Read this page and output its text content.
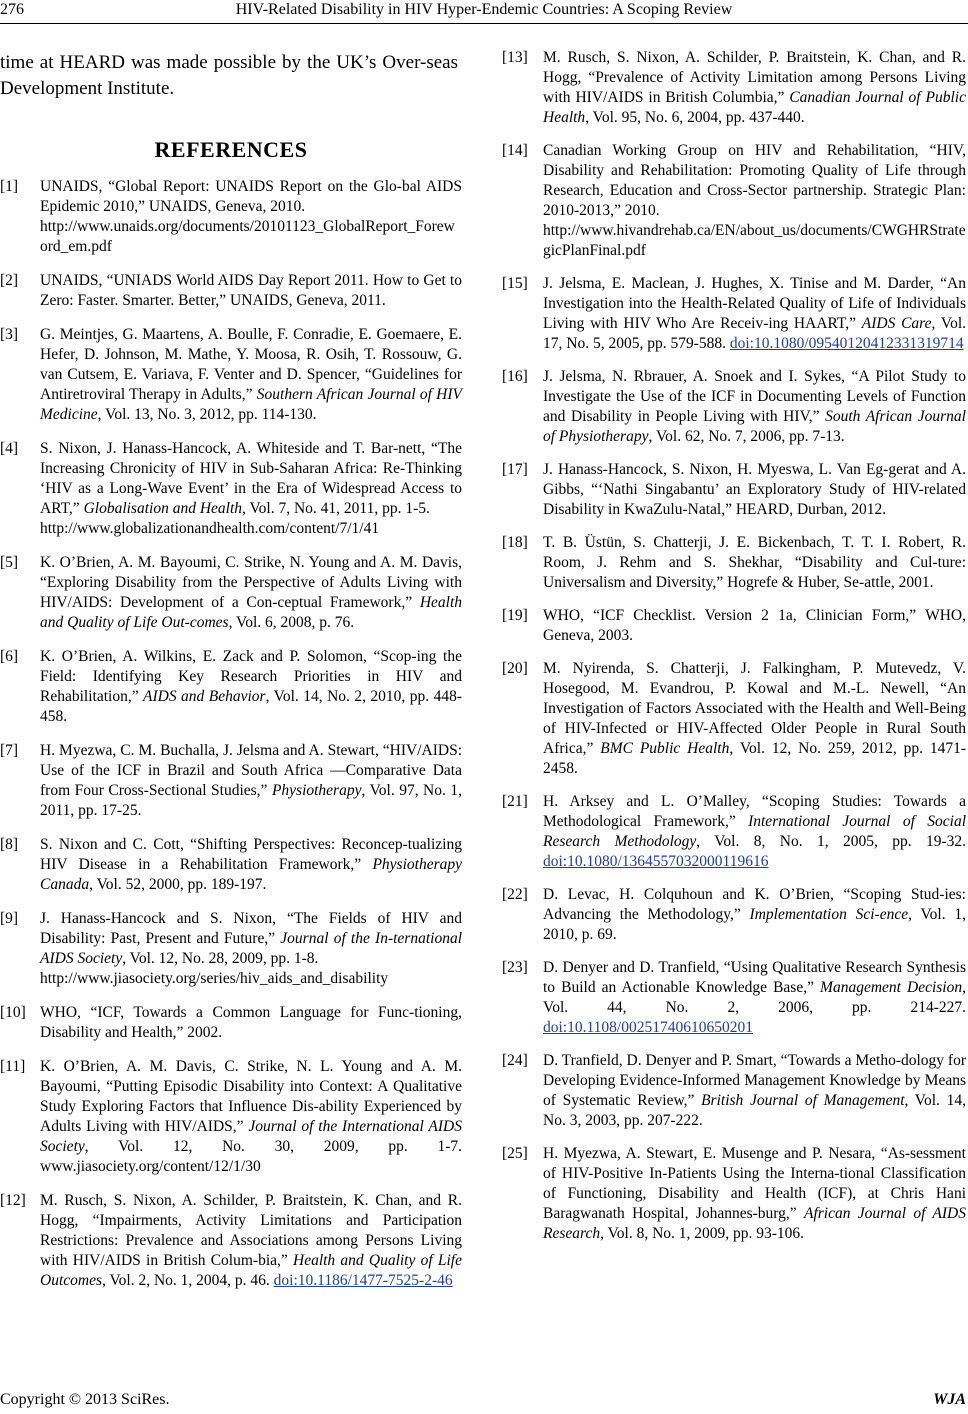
276	HIV-Related Disability in HIV Hyper-Endemic Countries: A Scoping Review

time at HEARD was made possible by the UK’s Over-seas Development Institute.

REFERENCES
[1] UNAIDS, “Global Report: UNAIDS Report on the Glo-bal AIDS Epidemic 2010,” UNAIDS, Geneva, 2010.
http://www.unaids.org/documents/20101123_GlobalReport_Foreword_em.pdf
[2] UNAIDS, “UNIADS World AIDS Day Report 2011. How to Get to Zero: Faster. Smarter. Better,” UNAIDS, Geneva, 2011.
[3] G. Meintjes, G. Maartens, A. Boulle, F. Conradie, E. Goemaere, E. Hefer, D. Johnson, M. Mathe, Y. Moosa, R. Osih, T. Rossouw, G. van Cutsem, E. Variava, F. Venter and D. Spencer, “Guidelines for Antiretroviral Therapy in Adults,” Southern African Journal of HIV Medicine, Vol. 13, No. 3, 2012, pp. 114-130.
[4] S. Nixon, J. Hanass-Hancock, A. Whiteside and T. Bar-nett, “The Increasing Chronicity of HIV in Sub-Saharan Africa: Re-Thinking ‘HIV as a Long-Wave Event’ in the Era of Widespread Access to ART,” Globalisation and Health, Vol. 7, No. 41, 2011, pp. 1-5.
http://www.globalizationandhealth.com/content/7/1/41
[5] K. O’Brien, A. M. Bayoumi, C. Strike, N. Young and A. M. Davis, “Exploring Disability from the Perspective of Adults Living with HIV/AIDS: Development of a Con-ceptual Framework,” Health and Quality of Life Out-comes, Vol. 6, 2008, p. 76.
[6] K. O’Brien, A. Wilkins, E. Zack and P. Solomon, “Scop-ing the Field: Identifying Key Research Priorities in HIV and Rehabilitation,” AIDS and Behavior, Vol. 14, No. 2, 2010, pp. 448-458.
[7] H. Myezwa, C. M. Buchalla, J. Jelsma and A. Stewart, “HIV/AIDS: Use of the ICF in Brazil and South Africa —Comparative Data from Four Cross-Sectional Studies,” Physiotherapy, Vol. 97, No. 1, 2011, pp. 17-25.
[8] S. Nixon and C. Cott, “Shifting Perspectives: Reconcep-tualizing HIV Disease in a Rehabilitation Framework,” Physiotherapy Canada, Vol. 52, 2000, pp. 189-197.
[9] J. Hanass-Hancock and S. Nixon, “The Fields of HIV and Disability: Past, Present and Future,” Journal of the In-ternational AIDS Society, Vol. 12, No. 28, 2009, pp. 1-8.
http://www.jiasociety.org/series/hiv_aids_and_disability
[10] WHO, “ICF, Towards a Common Language for Func-tioning, Disability and Health,” 2002.
[11] K. O’Brien, A. M. Davis, C. Strike, N. L. Young and A. M. Bayoumi, “Putting Episodic Disability into Context: A Qualitative Study Exploring Factors that Influence Dis-ability Experienced by Adults Living with HIV/AIDS,” Journal of the International AIDS Society, Vol. 12, No. 30, 2009, pp. 1-7. www.jiasociety.org/content/12/1/30
[12] M. Rusch, S. Nixon, A. Schilder, P. Braitstein, K. Chan, and R. Hogg, “Impairments, Activity Limitations and Participation Restrictions: Prevalence and Associations among Persons Living with HIV/AIDS in British Colum-bia,” Health and Quality of Life Outcomes, Vol. 2, No. 1, 2004, p. 46. doi:10.1186/1477-7525-2-46
[13] M. Rusch, S. Nixon, A. Schilder, P. Braitstein, K. Chan, and R. Hogg, “Prevalence of Activity Limitation among Persons Living with HIV/AIDS in British Columbia,” Canadian Journal of Public Health, Vol. 95, No. 6, 2004, pp. 437-440.
[14] Canadian Working Group on HIV and Rehabilitation, “HIV, Disability and Rehabilitation: Promoting Quality of Life through Research, Education and Cross-Sector partnership. Strategic Plan: 2010-2013,” 2010.
http://www.hivandrehab.ca/EN/about_us/documents/CWGHRStrategicPlanFinal.pdf
[15] J. Jelsma, E. Maclean, J. Hughes, X. Tinise and M. Darder, “An Investigation into the Health-Related Quality of Life of Individuals Living with HIV Who Are Receiv-ing HAART,” AIDS Care, Vol. 17, No. 5, 2005, pp. 579-588. doi:10.1080/09540120412331319714
[16] J. Jelsma, N. Rbrauer, A. Snoek and I. Sykes, “A Pilot Study to Investigate the Use of the ICF in Documenting Levels of Function and Disability in People Living with HIV,” South African Journal of Physiotherapy, Vol. 62, No. 7, 2006, pp. 7-13.
[17] J. Hanass-Hancock, S. Nixon, H. Myeswa, L. Van Eg-gerat and A. Gibbs, “‘Nathi Singabantu’ an Exploratory Study of HIV-related Disability in KwaZulu-Natal,” HEARD, Durban, 2012.
[18] T. B. Üstün, S. Chatterji, J. E. Bickenbach, T. T. I. Robert, R. Room, J. Rehm and S. Shekhar, “Disability and Cul-ture: Universalism and Diversity,” Hogrefe & Huber, Se-attle, 2001.
[19] WHO, “ICF Checklist. Version 2 1a, Clinician Form,” WHO, Geneva, 2003.
[20] M. Nyirenda, S. Chatterji, J. Falkingham, P. Mutevedz, V. Hosegood, M. Evandrou, P. Kowal and M.-L. Newell, “An Investigation of Factors Associated with the Health and Well-Being of HIV-Infected or HIV-Affected Older People in Rural South Africa,” BMC Public Health, Vol. 12, No. 259, 2012, pp. 1471-2458.
[21] H. Arksey and L. O’Malley, “Scoping Studies: Towards a Methodological Framework,” International Journal of Social Research Methodology, Vol. 8, No. 1, 2005, pp. 19-32. doi:10.1080/1364557032000119616
[22] D. Levac, H. Colquhoun and K. O’Brien, “Scoping Stud-ies: Advancing the Methodology,” Implementation Sci-ence, Vol. 1, 2010, p. 69.
[23] D. Denyer and D. Tranfield, “Using Qualitative Research Synthesis to Build an Actionable Knowledge Base,” Management Decision, Vol. 44, No. 2, 2006, pp. 214-227. doi:10.1108/00251740610650201
[24] D. Tranfield, D. Denyer and P. Smart, “Towards a Metho-dology for Developing Evidence-Informed Management Knowledge by Means of Systematic Review,” British Journal of Management, Vol. 14, No. 3, 2003, pp. 207-222.
[25] H. Myezwa, A. Stewart, E. Musenge and P. Nesara, “As-sessment of HIV-Positive In-Patients Using the Interna-tional Classification of Functioning, Disability and Health (ICF), at Chris Hani Baragwanath Hospital, Johannes-burg,” African Journal of AIDS Research, Vol. 8, No. 1, 2009, pp. 93-106.
Copyright © 2013 SciRes.	WJA
